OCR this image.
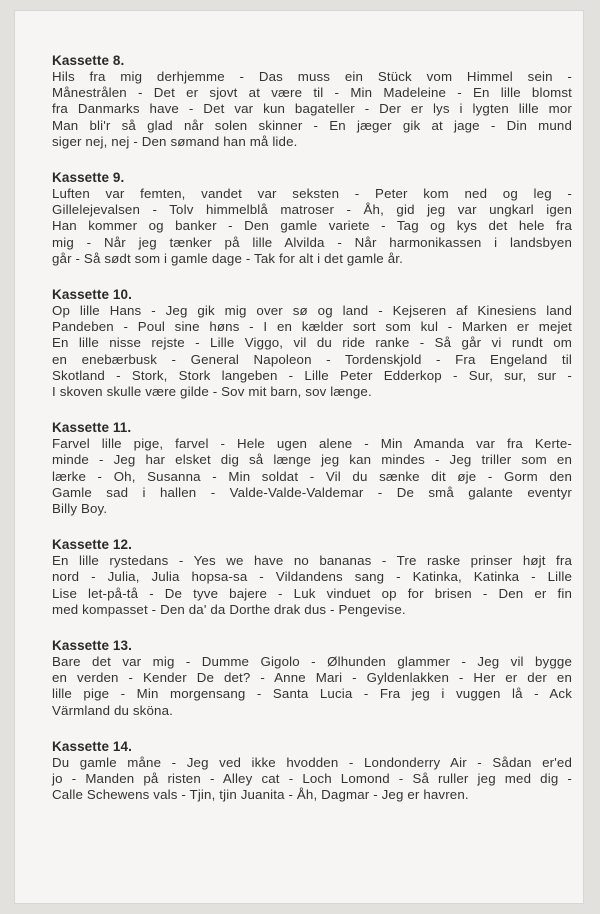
Kassette 8.
Hils fra mig derhjemme - Das muss ein Stück vom Himmel sein -
Månestrålen - Det er sjovt at være til - Min Madeleine - En lille blomst
fra Danmarks have - Det var kun bagateller - Der er lys i lygten lille mor
Man bli'r så glad når solen skinner - En jæger gik at jage - Din mund
siger nej, nej - Den sømand han må lide.
Kassette 9.
Luften var femten, vandet var seksten - Peter kom ned og leg -
Gillelejevalsen - Tolv himmelblå matroser - Åh, gid jeg var ungkarl igen
Han kommer og banker - Den gamle variete - Tag og kys det hele fra
mig - Når jeg tænker på lille Alvilda - Når harmonikassen i landsbyen
går - Så sødt som i gamle dage - Tak for alt i det gamle år.
Kassette 10.
Op lille Hans - Jeg gik mig over sø og land - Kejseren af Kinesiens land
Pandeben - Poul sine høns - I en kælder sort som kul - Marken er mejet
En lille nisse rejste - Lille Viggo, vil du ride ranke - Så går vi rundt om
en enebærbusk - General Napoleon - Tordenskjold - Fra Engeland til
Skotland - Stork, Stork langeben - Lille Peter Edderkop - Sur, sur, sur -
I skoven skulle være gilde - Sov mit barn, sov længe.
Kassette 11.
Farvel lille pige, farvel - Hele ugen alene - Min Amanda var fra Kerte-
minde - Jeg har elsket dig så længe jeg kan mindes - Jeg triller som en
lærke - Oh, Susanna - Min soldat - Vil du sænke dit øje - Gorm den
Gamle sad i hallen - Valde-Valde-Valdemar - De små galante eventyr
Billy Boy.
Kassette 12.
En lille rystedans - Yes we have no bananas - Tre raske prinser højt fra
nord - Julia, Julia hopsa-sa - Vildandens sang - Katinka, Katinka - Lille
Lise let-på-tå - De tyve bajere - Luk vinduet op for brisen - Den er fin
med kompasset - Den da' da Dorthe drak dus - Pengevise.
Kassette 13.
Bare det var mig - Dumme Gigolo - Ølhunden glammer - Jeg vil bygge
en verden - Kender De det? - Anne Mari - Gyldenlakken - Her er der en
lille pige - Min morgensang - Santa Lucia - Fra jeg i vuggen lå - Ack
Värmland du sköna.
Kassette 14.
Du gamle måne - Jeg ved ikke hvodden - Londonderry Air - Sådan er'ed
jo - Manden på risten - Alley cat - Loch Lomond - Så ruller jeg med dig -
Calle Schewens vals - Tjin, tjin Juanita - Åh, Dagmar - Jeg er havren.
